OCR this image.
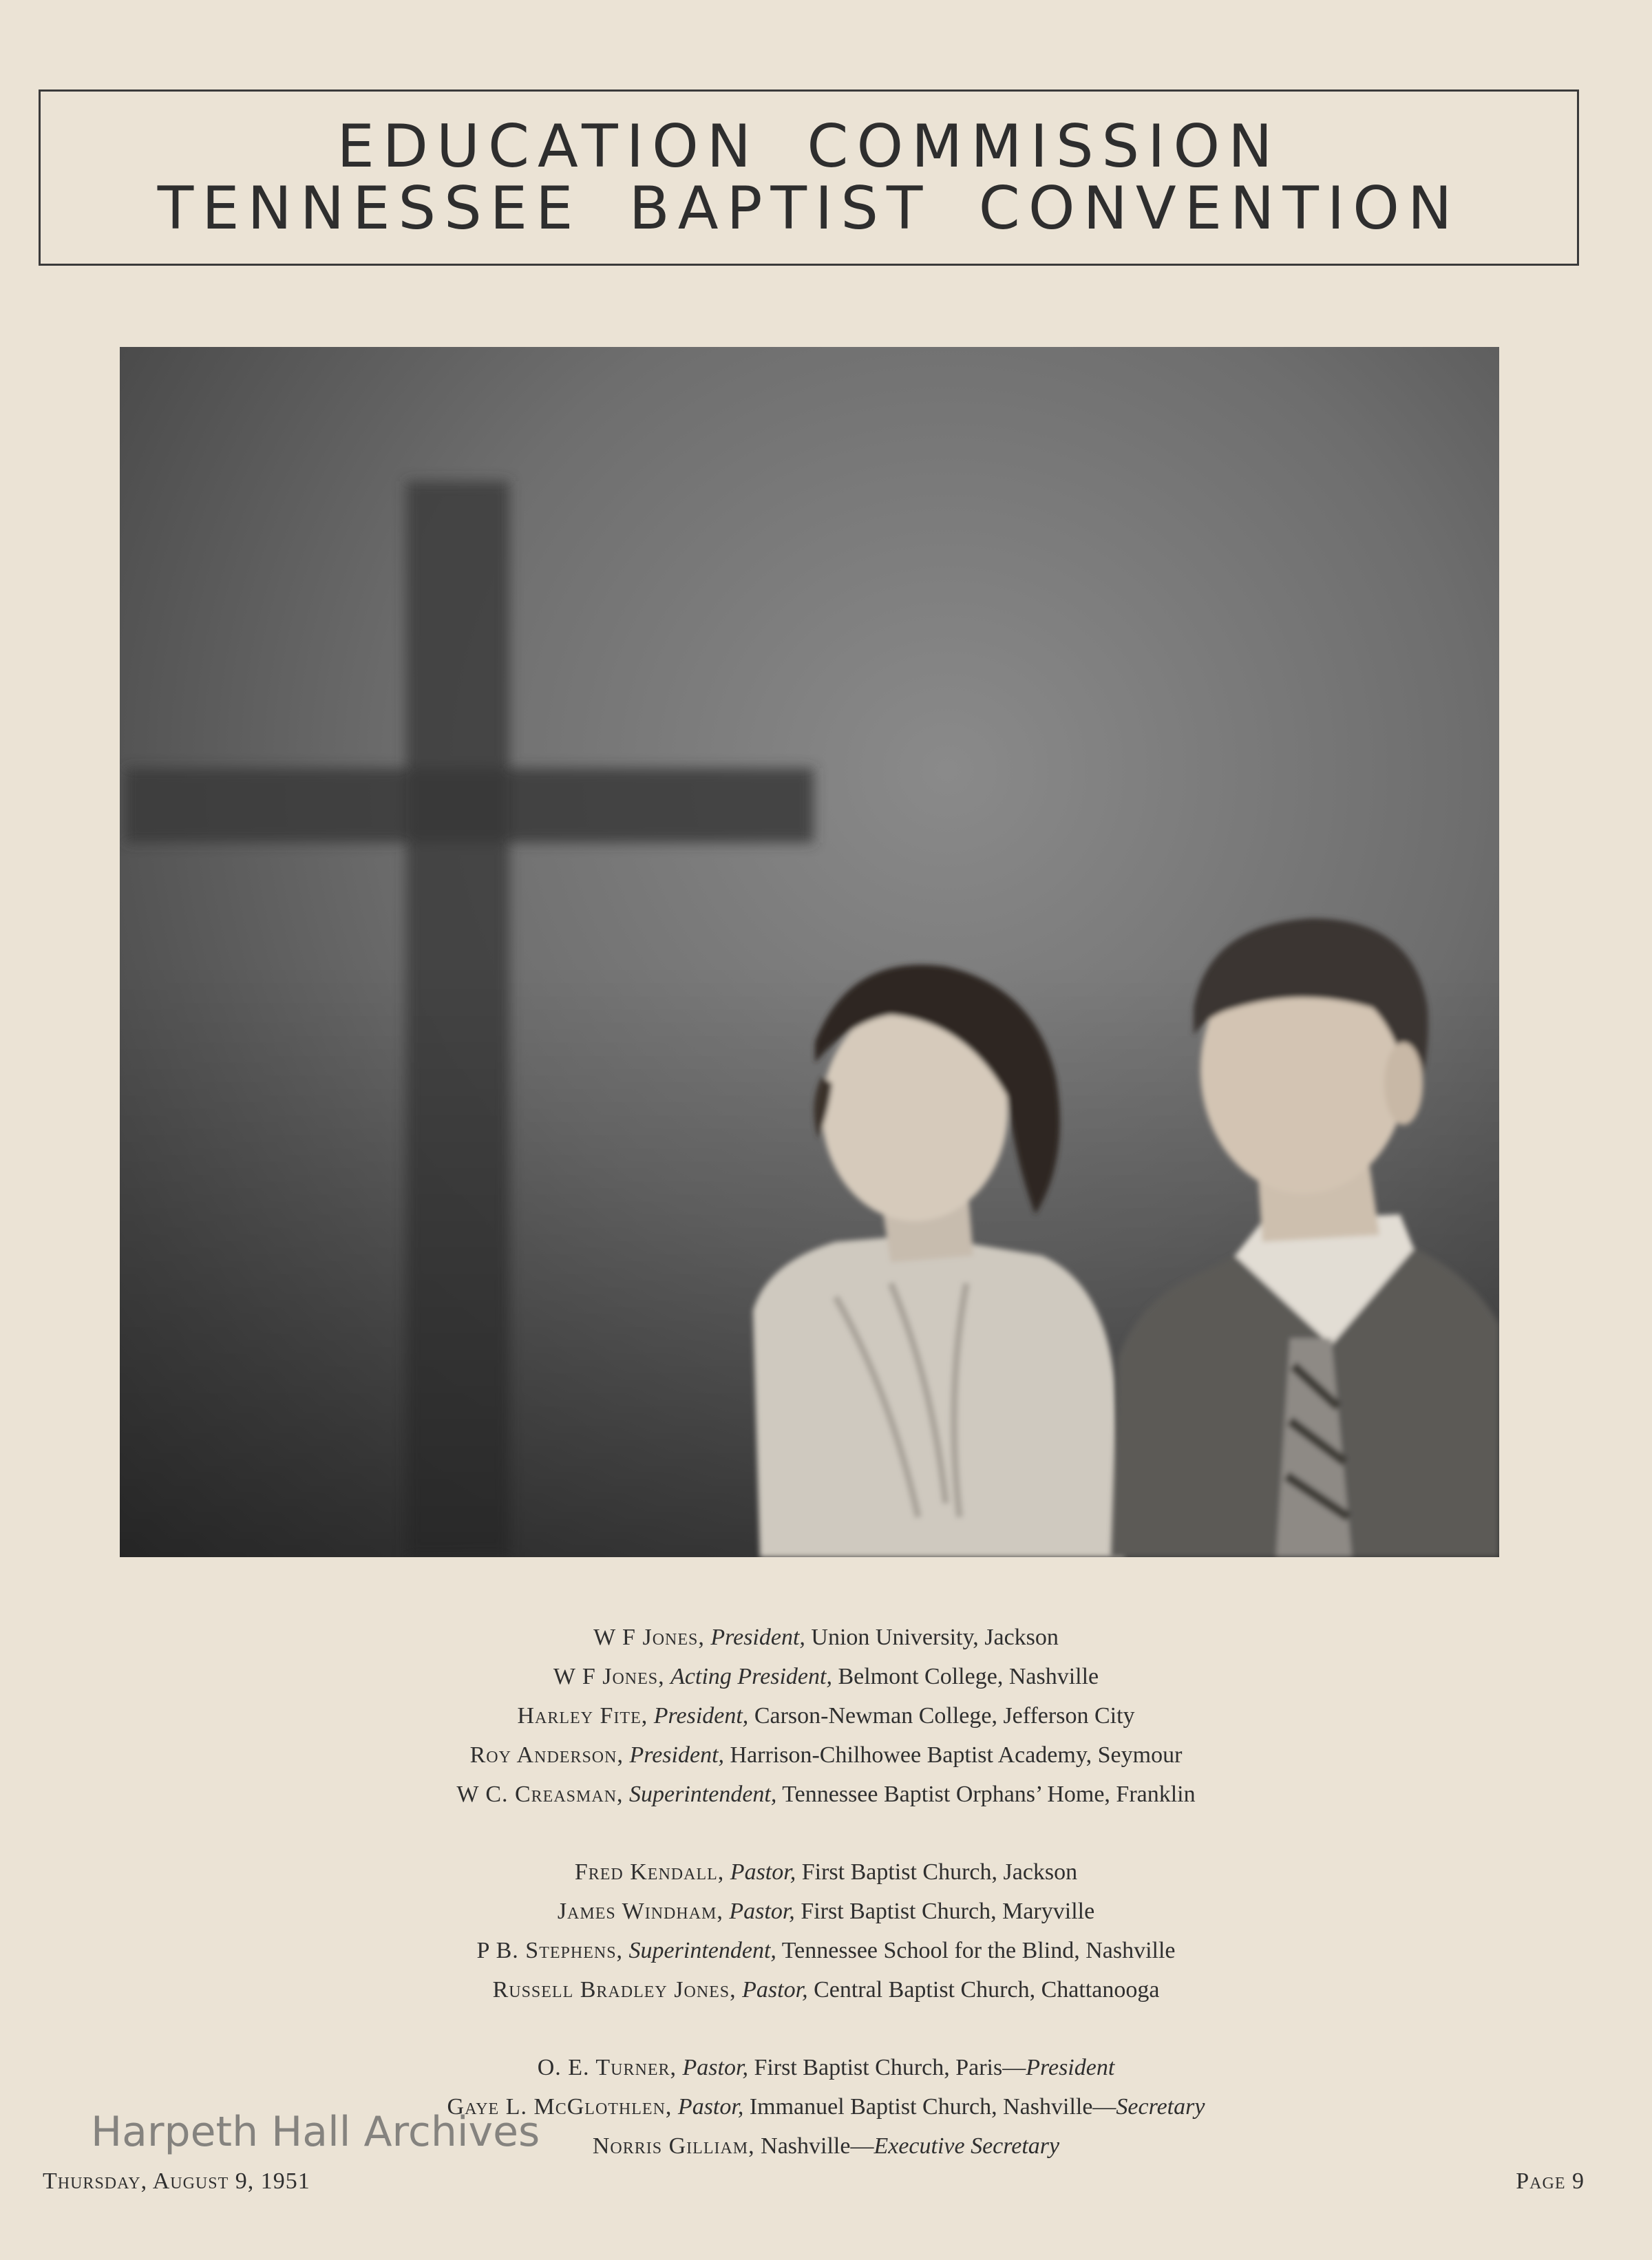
EDUCATION COMMISSION
TENNESSEE BAPTIST CONVENTION
W F Jones, President, Union University, Jackson
W F Jones, Acting President, Belmont College, Nashville
Harley Fite, President, Carson-Newman College, Jefferson City
Roy Anderson, President, Harrison-Chilhowee Baptist Academy, Seymour
W C. Creasman, Superintendent, Tennessee Baptist Orphans’ Home, Franklin
Fred Kendall, Pastor, First Baptist Church, Jackson
James Windham, Pastor, First Baptist Church, Maryville
P B. Stephens, Superintendent, Tennessee School for the Blind, Nashville
Russell Bradley Jones, Pastor, Central Baptist Church, Chattanooga
O. E. Turner, Pastor, First Baptist Church, Paris—President
Gaye L. McGlothlen, Pastor, Immanuel Baptist Church, Nashville—Secretary
Norris Gilliam, Nashville—Executive Secretary
Harpeth Hall Archives
Thursday, August 9, 1951	Page 9
